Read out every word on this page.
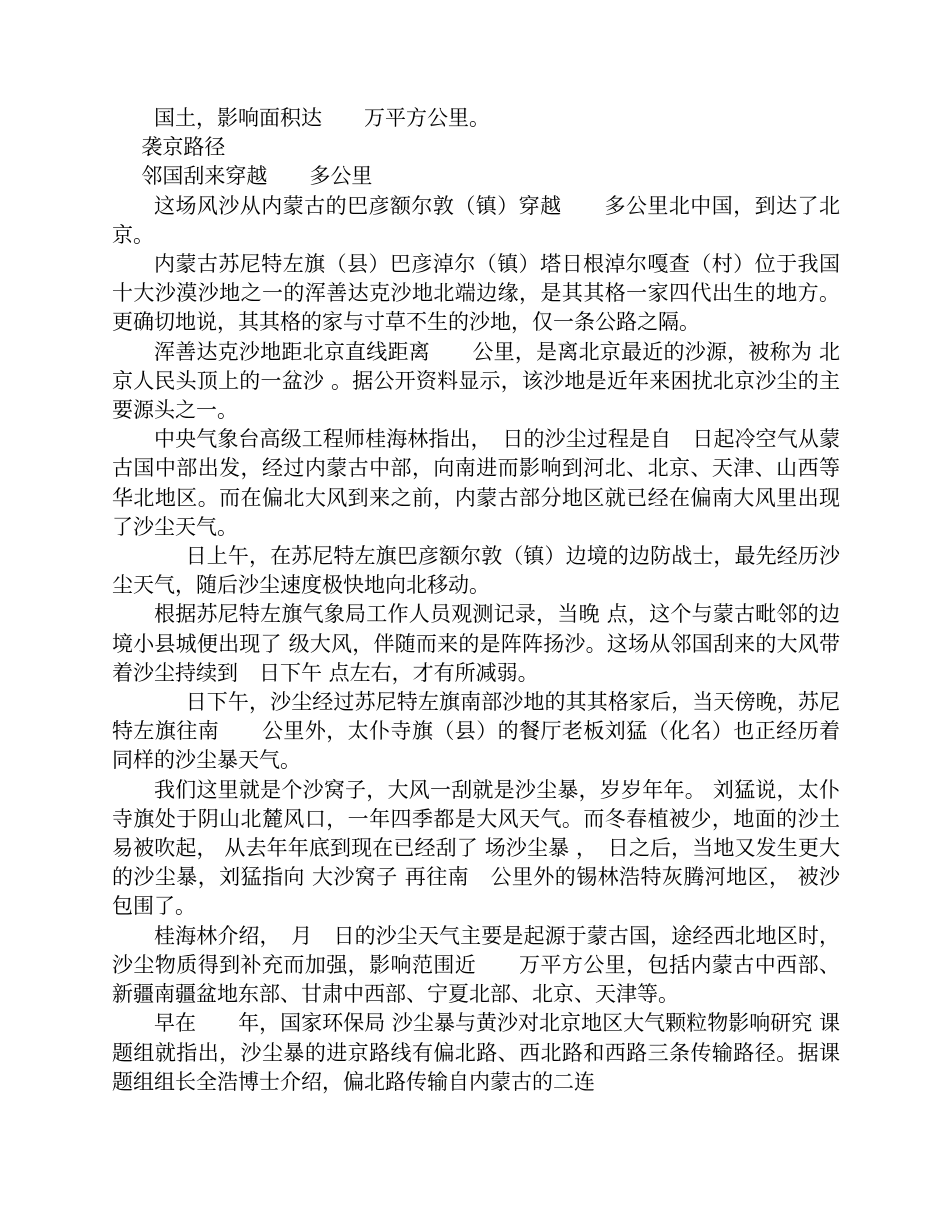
国土，影响面积达　　万平方公里。

袭京路径

邻国刮来穿越　　多公里

这场风沙从内蒙古的巴彦额尔敦（镇）穿越　　多公里北中国，到达了北京。

内蒙古苏尼特左旗（县）巴彦淖尔（镇）塔日根淖尔嘎查（村）位于我国十大沙漠沙地之一的浑善达克沙地北端边缘，是其其格一家四代出生的地方。更确切地说，其其格的家与寸草不生的沙地，仅一条公路之隔。

浑善达克沙地距北京直线距离　　公里，是离北京最近的沙源，被称为 北京人民头顶上的一盆沙 。据公开资料显示，该沙地是近年来困扰北京沙尘的主要源头之一。

中央气象台高级工程师桂海林指出，　日的沙尘过程是自　日起冷空气从蒙古国中部出发，经过内蒙古中部，向南进而影响到河北、北京、天津、山西等华北地区。而在偏北大风到来之前，内蒙古部分地区就已经在偏南大风里出现了沙尘天气。

　日上午，在苏尼特左旗巴彦额尔敦（镇）边境的边防战士，最先经历沙尘天气，随后沙尘速度极快地向北移动。

根据苏尼特左旗气象局工作人员观测记录，当晚 点，这个与蒙古毗邻的边境小县城便出现了 级大风，伴随而来的是阵阵扬沙。这场从邻国刮来的大风带着沙尘持续到　日下午 点左右，才有所减弱。

　日下午，沙尘经过苏尼特左旗南部沙地的其其格家后，当天傍晚，苏尼特左旗往南　　公里外，太仆寺旗（县）的餐厅老板刘猛（化名）也正经历着同样的沙尘暴天气。

我们这里就是个沙窝子，大风一刮就是沙尘暴，岁岁年年。 刘猛说，太仆寺旗处于阴山北麓风口，一年四季都是大风天气。而冬春植被少，地面的沙土易被吹起， 从去年年底到现在已经刮了 场沙尘暴 ，　日之后，当地又发生更大的沙尘暴，刘猛指向 大沙窝子 再往南　公里外的锡林浩特灰腾河地区， 被沙包围了。

桂海林介绍，　月　日的沙尘天气主要是起源于蒙古国，途经西北地区时，沙尘物质得到补充而加强，影响范围近　　万平方公里，包括内蒙古中西部、新疆南疆盆地东部、甘肃中西部、宁夏北部、北京、天津等。

早在　　年，国家环保局 沙尘暴与黄沙对北京地区大气颗粒物影响研究 课题组就指出，沙尘暴的进京路线有偏北路、西北路和西路三条传输路径。据课题组组长全浩博士介绍，偏北路传输自内蒙古的二连
